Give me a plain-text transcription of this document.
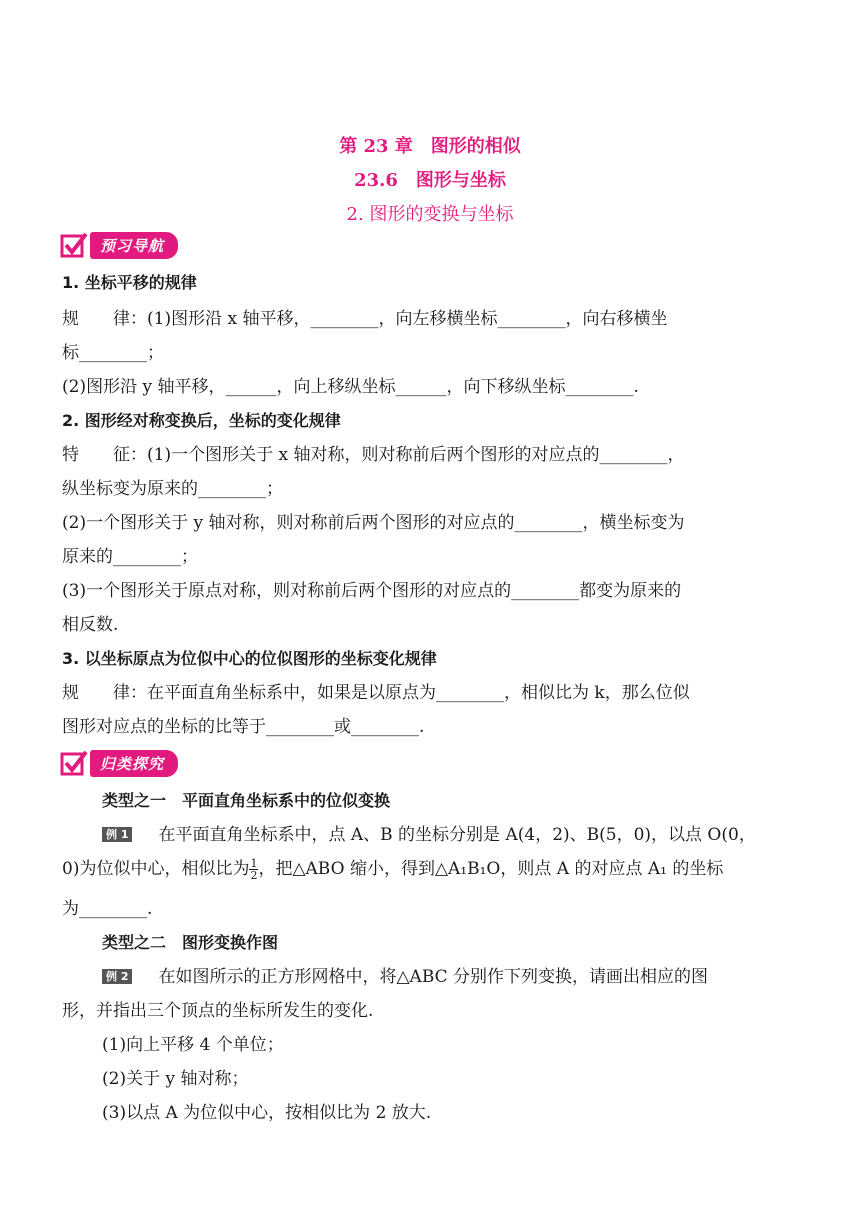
第 23 章　图形的相似
23.6　图形与坐标
2. 图形的变换与坐标
预习导航
1. 坐标平移的规律
规　　律：(1)图形沿 x 轴平移，________，向左移横坐标________，向右移横坐
标________；
(2)图形沿 y 轴平移，______，向上移纵坐标______，向下移纵坐标________.
2. 图形经对称变换后，坐标的变化规律
特　　征：(1)一个图形关于 x 轴对称，则对称前后两个图形的对应点的________，
纵坐标变为原来的________；
(2)一个图形关于 y 轴对称，则对称前后两个图形的对应点的________，横坐标变为
原来的________；
(3)一个图形关于原点对称，则对称前后两个图形的对应点的________都变为原来的
相反数.
3. 以坐标原点为位似中心的位似图形的坐标变化规律
规　　律：在平面直角坐标系中，如果是以原点为________，相似比为 k，那么位似
图形对应点的坐标的比等于________或________.
归类探究
类型之一　平面直角坐标系中的位似变换
例 1 在平面直角坐标系中，点 A、B 的坐标分别是 A(4，2)、B(5，0)，以点 O(0，
0)为位似中心，相似比为 $\frac{1}{2}$ ，把△ABO 缩小，得到△A₁B₁O，则点 A 的对应点 A₁ 的坐标
为________.
类型之二　图形变换作图
例 2 在如图所示的正方形网格中，将△ABC 分别作下列变换，请画出相应的图
形，并指出三个顶点的坐标所发生的变化.
(1)向上平移 4 个单位；
(2)关于 y 轴对称；
(3)以点 A 为位似中心，按相似比为 2 放大.
